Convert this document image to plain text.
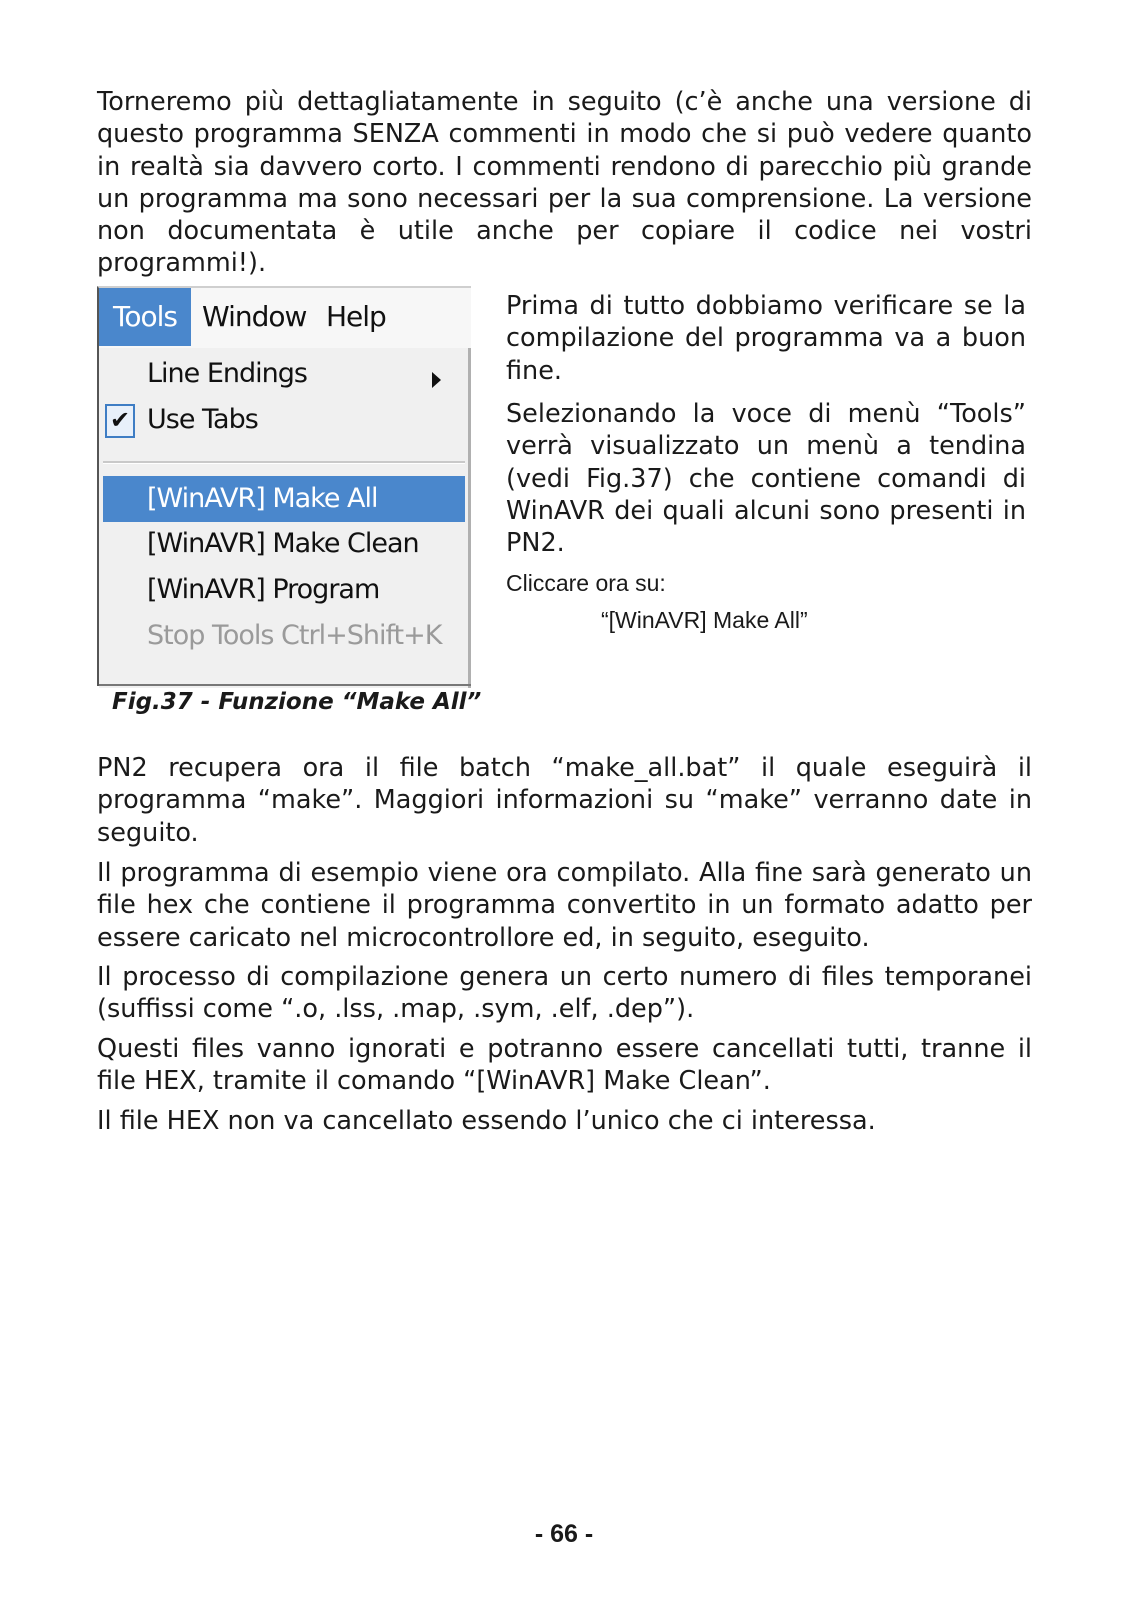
Torneremo più dettagliatamente in seguito (c’è anche una versione di questo programma SENZA commenti in modo che si può vedere quanto in realtà sia davvero corto. I commenti rendono di parecchio più grande un programma ma sono necessari per la sua comprensione. La versione non documentata è utile anche per copiare il codice nei vostri programmi!).

Tools Window Help
Line Endings
✔ Use Tabs
[WinAVR] Make All
[WinAVR] Make Clean
[WinAVR] Program
Stop Tools Ctrl+Shift+K

Prima di tutto dobbiamo verificare se la compilazione del programma va a buon fine.

Selezionando la voce di menù “Tools” verrà visualizzato un menù a tendina (vedi Fig.37) che contiene comandi di WinAVR dei quali alcuni sono presenti in PN2.

Cliccare ora su:

“[WinAVR] Make All”

Fig.37 - Funzione “Make All”

PN2 recupera ora il file batch “make_all.bat” il quale eseguirà il programma “make”. Maggiori informazioni su “make” verranno date in seguito.

Il programma di esempio viene ora compilato. Alla fine sarà generato un file hex che contiene il programma convertito in un formato adatto per essere caricato nel microcontrollore ed, in seguito, eseguito.

Il processo di compilazione genera un certo numero di files temporanei (suffissi come “.o, .lss, .map, .sym, .elf, .dep”).

Questi files vanno ignorati e potranno essere cancellati tutti, tranne il file HEX, tramite il comando “[WinAVR] Make Clean”.

Il file HEX non va cancellato essendo l’unico che ci interessa.

- 66 -
